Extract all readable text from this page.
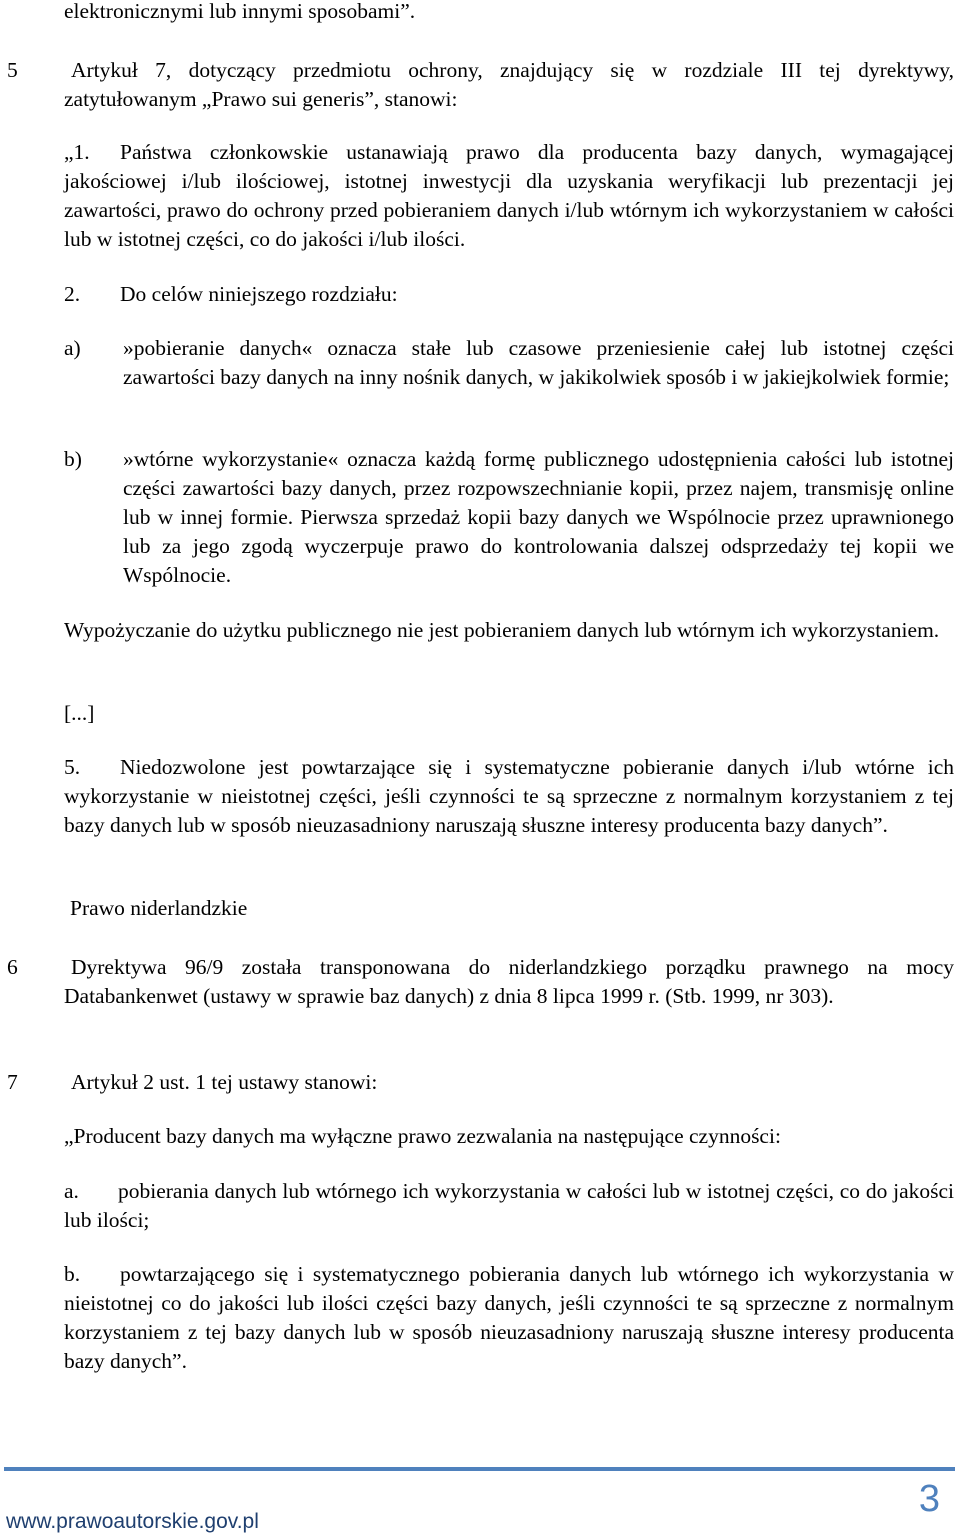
elektronicznymi lub innymi sposobami”.

5	Artykuł 7, dotyczący przedmiotu ochrony, znajdujący się w rozdziale III tej dyrektywy, zatytułowanym „Prawo sui generis”, stanowi:

„1. Państwa członkowskie ustanawiają prawo dla producenta bazy danych, wymagającej jakościowej i/lub ilościowej, istotnej inwestycji dla uzyskania weryfikacji lub prezentacji jej zawartości, prawo do ochrony przed pobieraniem danych i/lub wtórnym ich wykorzystaniem w całości lub w istotnej części, co do jakości i/lub ilości.

2. Do celów niniejszego rozdziału:

a) »pobieranie danych« oznacza stałe lub czasowe przeniesienie całej lub istotnej części zawartości bazy danych na inny nośnik danych, w jakikolwiek sposób i w jakiejkolwiek formie;

b) »wtórne wykorzystanie« oznacza każdą formę publicznego udostępnienia całości lub istotnej części zawartości bazy danych, przez rozpowszechnianie kopii, przez najem, transmisję online lub w innej formie. Pierwsza sprzedaż kopii bazy danych we Wspólnocie przez uprawnionego lub za jego zgodą wyczerpuje prawo do kontrolowania dalszej odsprzedaży tej kopii we Wspólnocie.

Wypożyczanie do użytku publicznego nie jest pobieraniem danych lub wtórnym ich wykorzystaniem.

[...]

5. Niedozwolone jest powtarzające się i systematyczne pobieranie danych i/lub wtórne ich wykorzystanie w nieistotnej części, jeśli czynności te są sprzeczne z normalnym korzystaniem z tej bazy danych lub w sposób nieuzasadniony naruszają słuszne interesy producenta bazy danych”.

Prawo niderlandzkie

6	Dyrektywa 96/9 została transponowana do niderlandzkiego porządku prawnego na mocy Databankenwet (ustawy w sprawie baz danych) z dnia 8 lipca 1999 r. (Stb. 1999, nr 303).

7	Artykuł 2 ust. 1 tej ustawy stanowi:

„Producent bazy danych ma wyłączne prawo zezwalania na następujące czynności:

a. pobierania danych lub wtórnego ich wykorzystania w całości lub w istotnej części, co do jakości lub ilości;

b. powtarzającego się i systematycznego pobierania danych lub wtórnego ich wykorzystania w nieistotnej co do jakości lub ilości części bazy danych, jeśli czynności te są sprzeczne z normalnym korzystaniem z tej bazy danych lub w sposób nieuzasadniony naruszają słuszne interesy producenta bazy danych”.

www.prawoautorskie.gov.pl
3
